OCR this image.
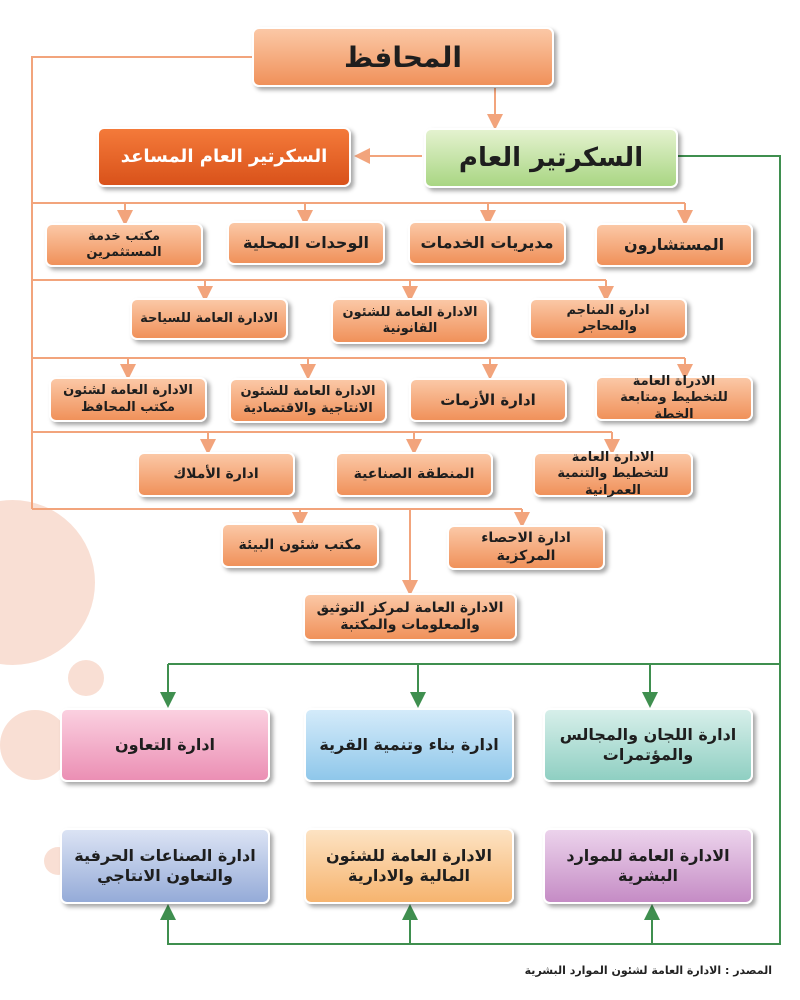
المحافظ
السكرتير العام
السكرتير العام المساعد
المستشارون
مديريات الخدمات
الوحدات المحلية
مكتب خدمة المستثمرين
ادارة المناجم والمحاجر
الادارة العامة للشئون القانونية
الادارة العامة للسياحة
الادراة العامة للتخطيط ومتابعة الخطة
ادارة الأزمات
الادارة العامة للشئون الانتاجية والاقتصادية
الادارة العامة لشئون مكتب المحافظ
الادارة العامة للتخطيط والتنمية العمرانية
المنطقة الصناعية
ادارة الأملاك
ادارة الاحصاء المركزية
مكتب شئون البيئة
الادارة العامة لمركز التوثيق والمعلومات والمكتبة
ادارة اللجان والمجالس والمؤتمرات
ادارة بناء وتنمية القرية
ادارة التعاون
الادارة العامة للموارد البشرية
الادارة العامة للشئون المالية والادارية
ادارة الصناعات الحرفية والتعاون الانتاجي
المصدر : الادارة العامة لشئون الموارد البشرية
